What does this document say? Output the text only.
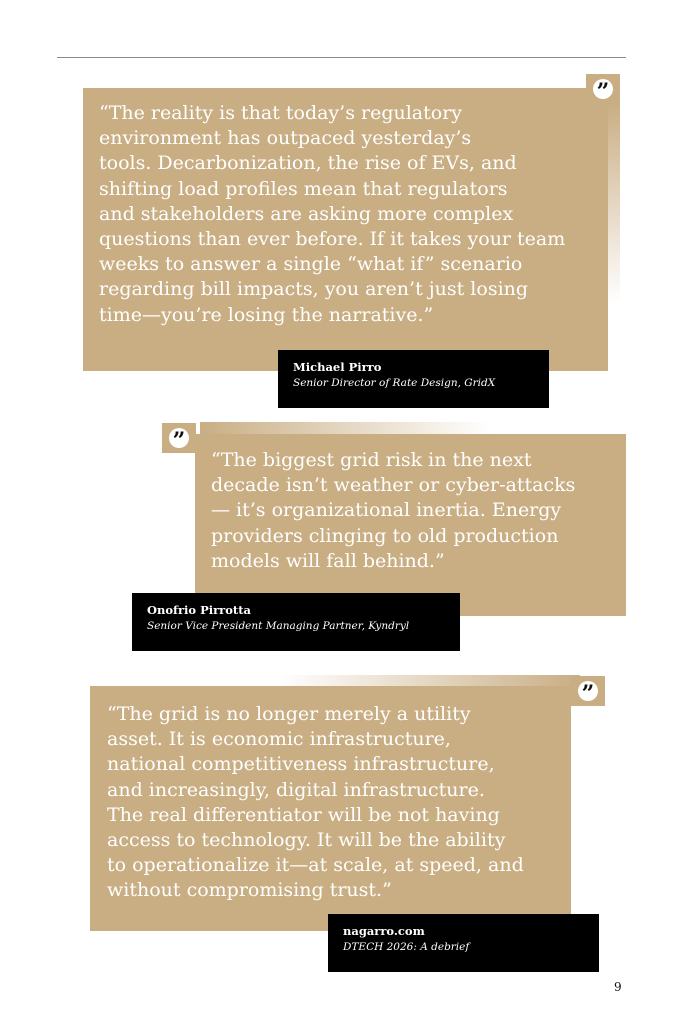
”

“The reality is that today’s regulatory
environment has outpaced yesterday’s
tools. Decarbonization, the rise of EVs, and
shifting load profiles mean that regulators
and stakeholders are asking more complex
questions than ever before. If it takes your team
weeks to answer a single “what if” scenario
regarding bill impacts, you aren’t just losing
time—you’re losing the narrative.”

Michael Pirro
Senior Director of Rate Design, GridX
”

“The biggest grid risk in the next
decade isn’t weather or cyber-attacks
— it’s organizational inertia. Energy
providers clinging to old production
models will fall behind.”

Onofrio Pirrotta
Senior Vice President Managing Partner, Kyndryl
”

“The grid is no longer merely a utility
asset. It is economic infrastructure,
national competitiveness infrastructure,
and increasingly, digital infrastructure.
The real differentiator will be not having
access to technology. It will be the ability
to operationalize it—at scale, at speed, and
without compromising trust.”

nagarro.com
DTECH 2026: A debrief
9
